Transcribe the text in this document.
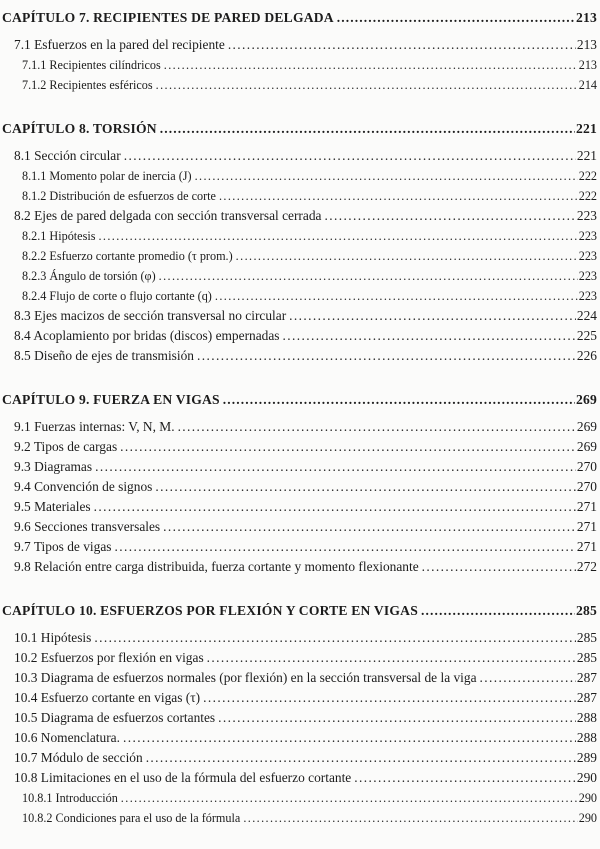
CAPÍTULO 7. RECIPIENTES DE PARED DELGADA .....	213
7.1 Esfuerzos en la pared del recipiente .....	213
7.1.1 Recipientes cilíndricos .....	213
7.1.2 Recipientes esféricos .....	214
CAPÍTULO 8. TORSIÓN .....	221
8.1 Sección circular .....	221
8.1.1 Momento polar de inercia (J) .....	222
8.1.2 Distribución de esfuerzos de corte .....	222
8.2 Ejes de pared delgada con sección transversal cerrada .....	223
8.2.1 Hipótesis .....	223
8.2.2 Esfuerzo cortante promedio (τ prom.) .....	223
8.2.3 Ángulo de torsión (φ) .....	223
8.2.4 Flujo de corte o flujo cortante (q) .....	223
8.3 Ejes macizos de sección transversal no circular .....	224
8.4 Acoplamiento por bridas (discos) empernadas .....	225
8.5 Diseño de ejes de transmisión .....	226
CAPÍTULO 9. FUERZA EN VIGAS .....	269
9.1 Fuerzas internas: V, N, M. .....	269
9.2 Tipos de cargas .....	269
9.3 Diagramas .....	270
9.4 Convención de signos .....	270
9.5 Materiales .....	271
9.6 Secciones transversales .....	271
9.7 Tipos de vigas .....	271
9.8 Relación entre carga distribuida, fuerza cortante y momento flexionante .....	272
CAPÍTULO 10. ESFUERZOS POR FLEXIÓN Y CORTE EN VIGAS .....	285
10.1 Hipótesis .....	285
10.2 Esfuerzos por flexión en vigas .....	285
10.3 Diagrama de esfuerzos normales (por flexión) en la sección transversal de la viga .....	287
10.4 Esfuerzo cortante en vigas (τ) .....	287
10.5 Diagrama de esfuerzos cortantes .....	288
10.6 Nomenclatura. .....	288
10.7 Módulo de sección .....	289
10.8 Limitaciones en el uso de la fórmula del esfuerzo cortante .....	290
10.8.1 Introducción .....	290
10.8.2 Condiciones para el uso de la fórmula .....	290
